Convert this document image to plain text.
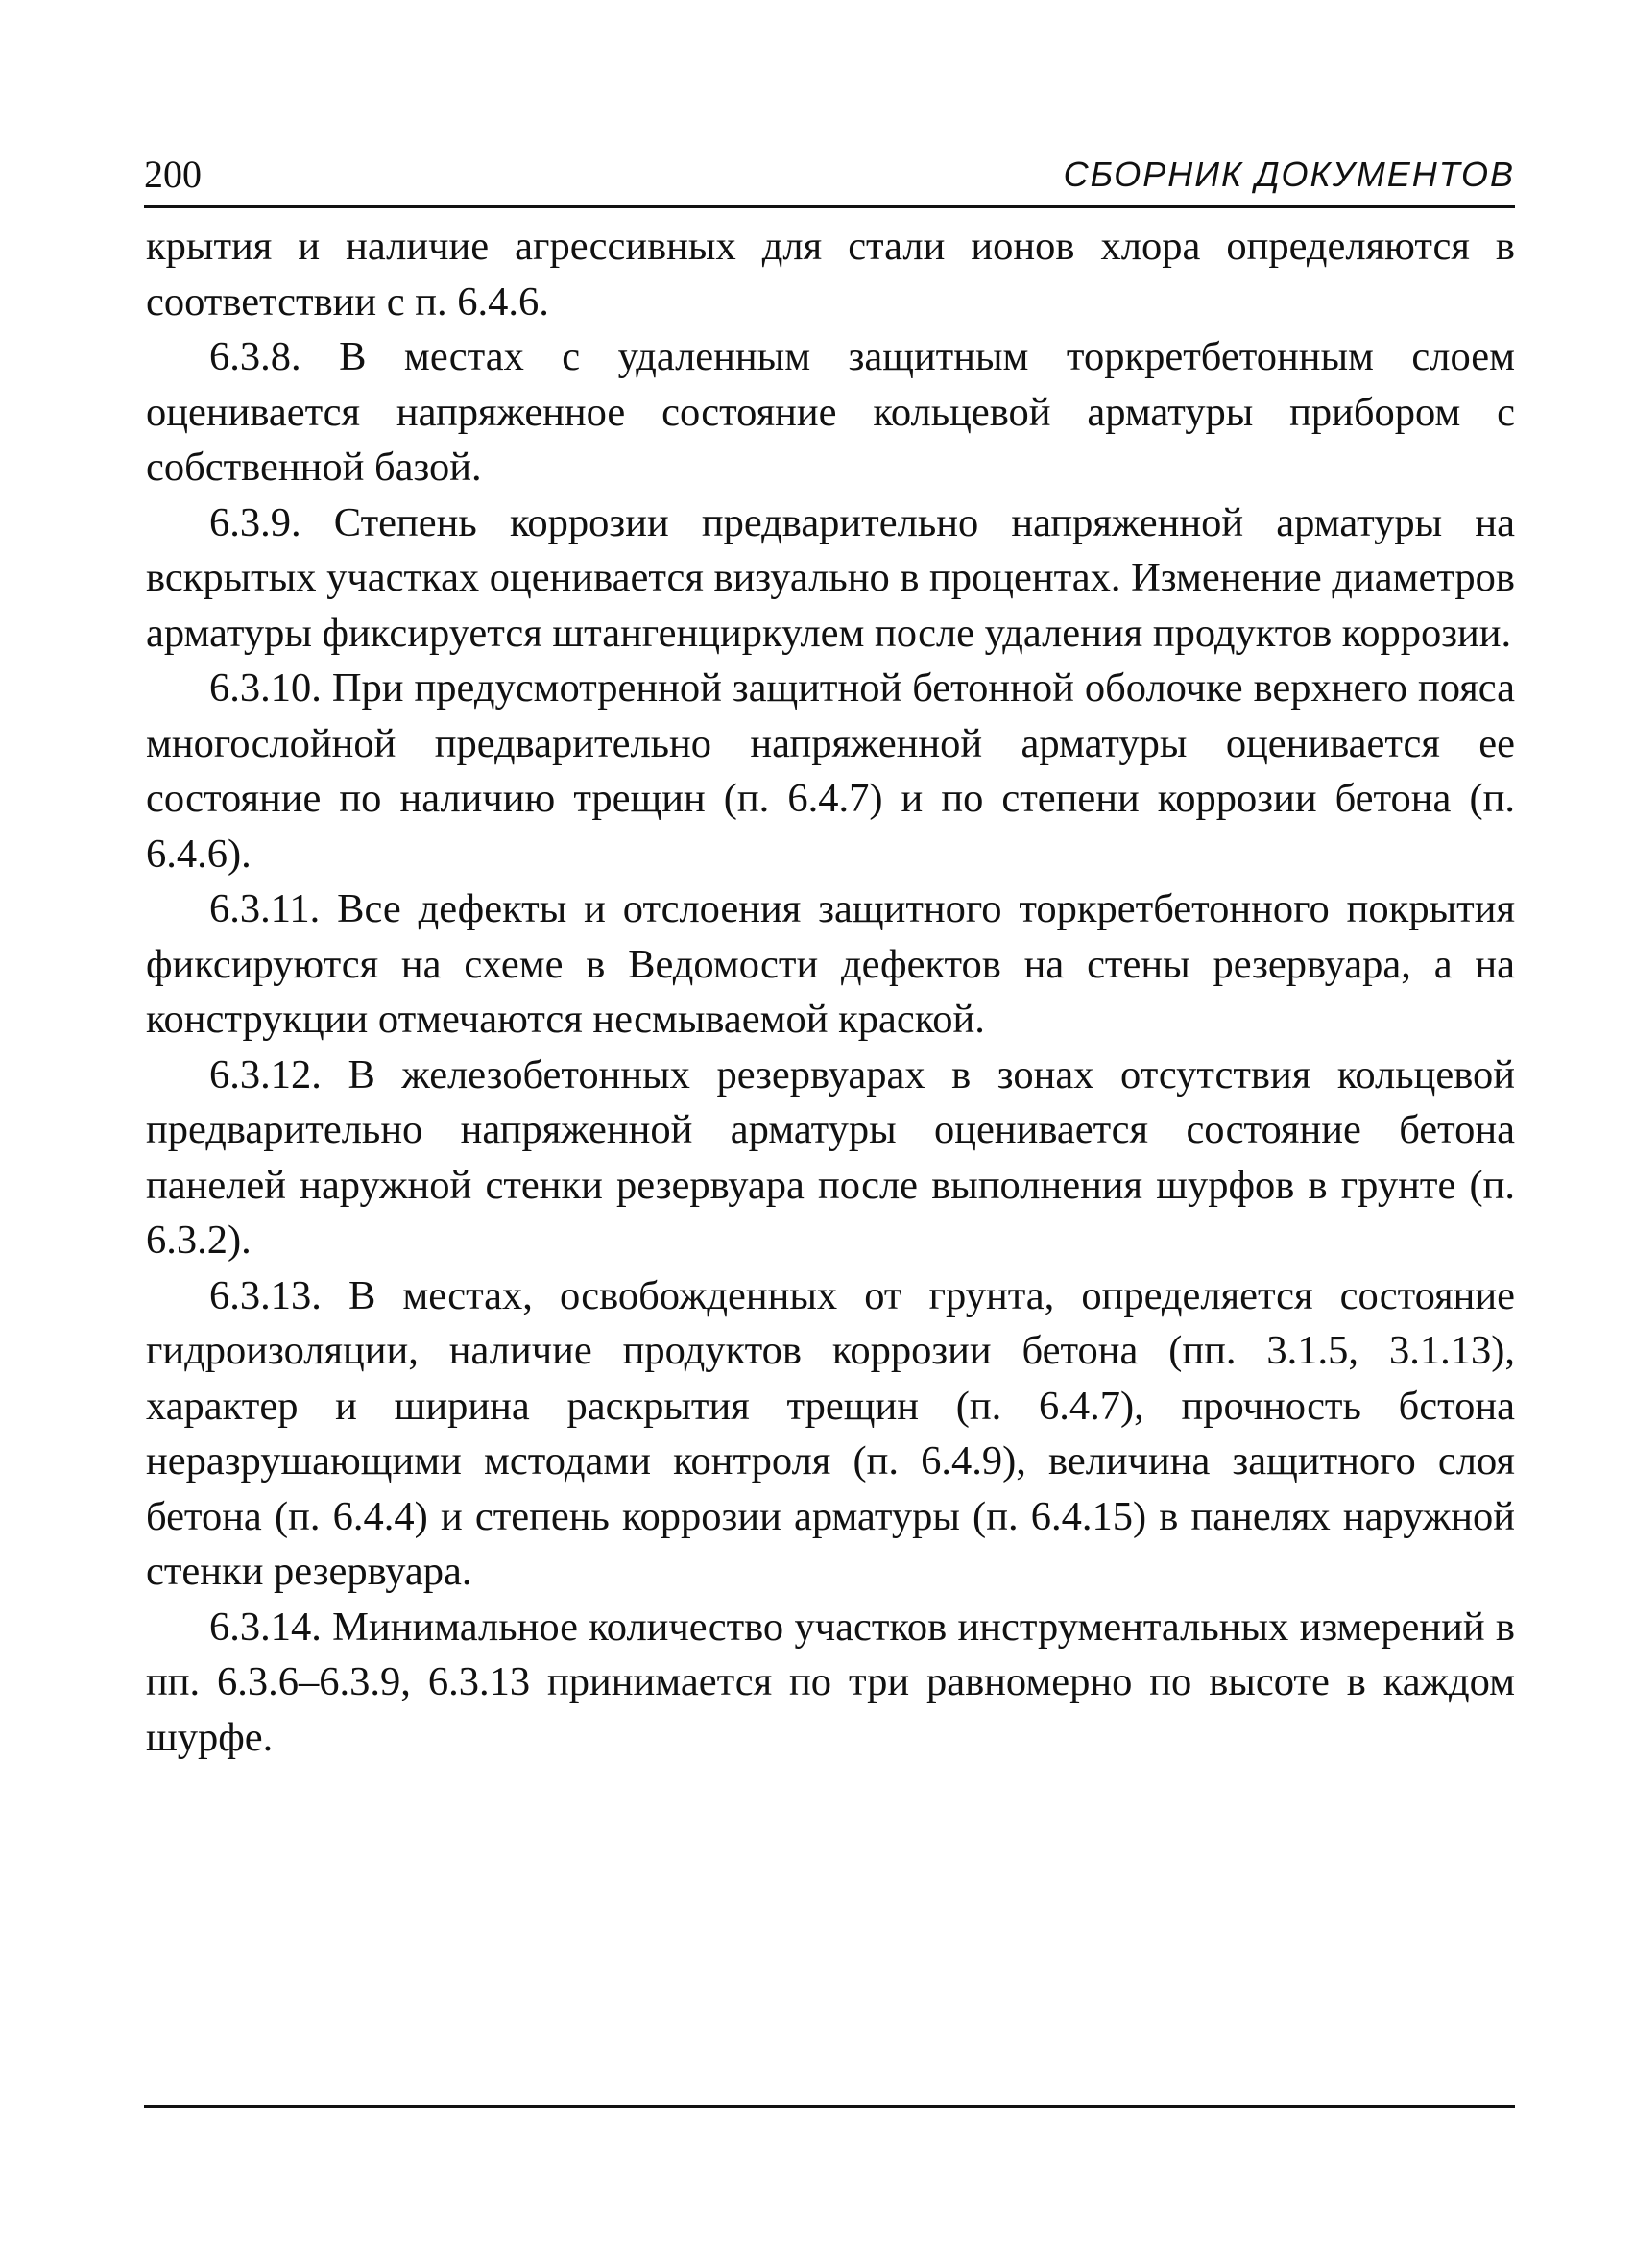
200	СБОРНИК ДОКУМЕНТОВ

крытия и наличие агрессивных для стали ионов хлора определяются в соответствии с п. 6.4.6.

6.3.8. В местах с удаленным защитным торкретбетонным слоем оценивается напряженное состояние кольцевой арматуры прибором с собственной базой.

6.3.9. Степень коррозии предварительно напряженной арматуры на вскрытых участках оценивается визуально в процентах. Изменение диаметров арматуры фиксируется штангенциркулем после удаления продуктов коррозии.

6.3.10. При предусмотренной защитной бетонной оболочке верхнего пояса многослойной предварительно напряженной арматуры оценивается ее состояние по наличию трещин (п. 6.4.7) и по степени коррозии бетона (п. 6.4.6).

6.3.11. Все дефекты и отслоения защитного торкретбетонного покрытия фиксируются на схеме в Ведомости дефектов на стены резервуара, а на конструкции отмечаются несмываемой краской.

6.3.12. В железобетонных резервуарах в зонах отсутствия кольцевой предварительно напряженной арматуры оценивается состояние бетона панелей наружной стенки резервуара после выполнения шурфов в грунте (п. 6.3.2).

6.3.13. В местах, освобожденных от грунта, определяется состояние гидроизоляции, наличие продуктов коррозии бетона (пп. 3.1.5, 3.1.13), характер и ширина раскрытия трещин (п. 6.4.7), прочность бстона неразрушающими мстодами контроля (п. 6.4.9), величина защитного слоя бетона (п. 6.4.4) и степень коррозии арматуры (п. 6.4.15) в панелях наружной стенки резервуара.

6.3.14. Минимальное количество участков инструментальных измерений в пп. 6.3.6–6.3.9, 6.3.13 принимается по три равномерно по высоте в каждом шурфе.
